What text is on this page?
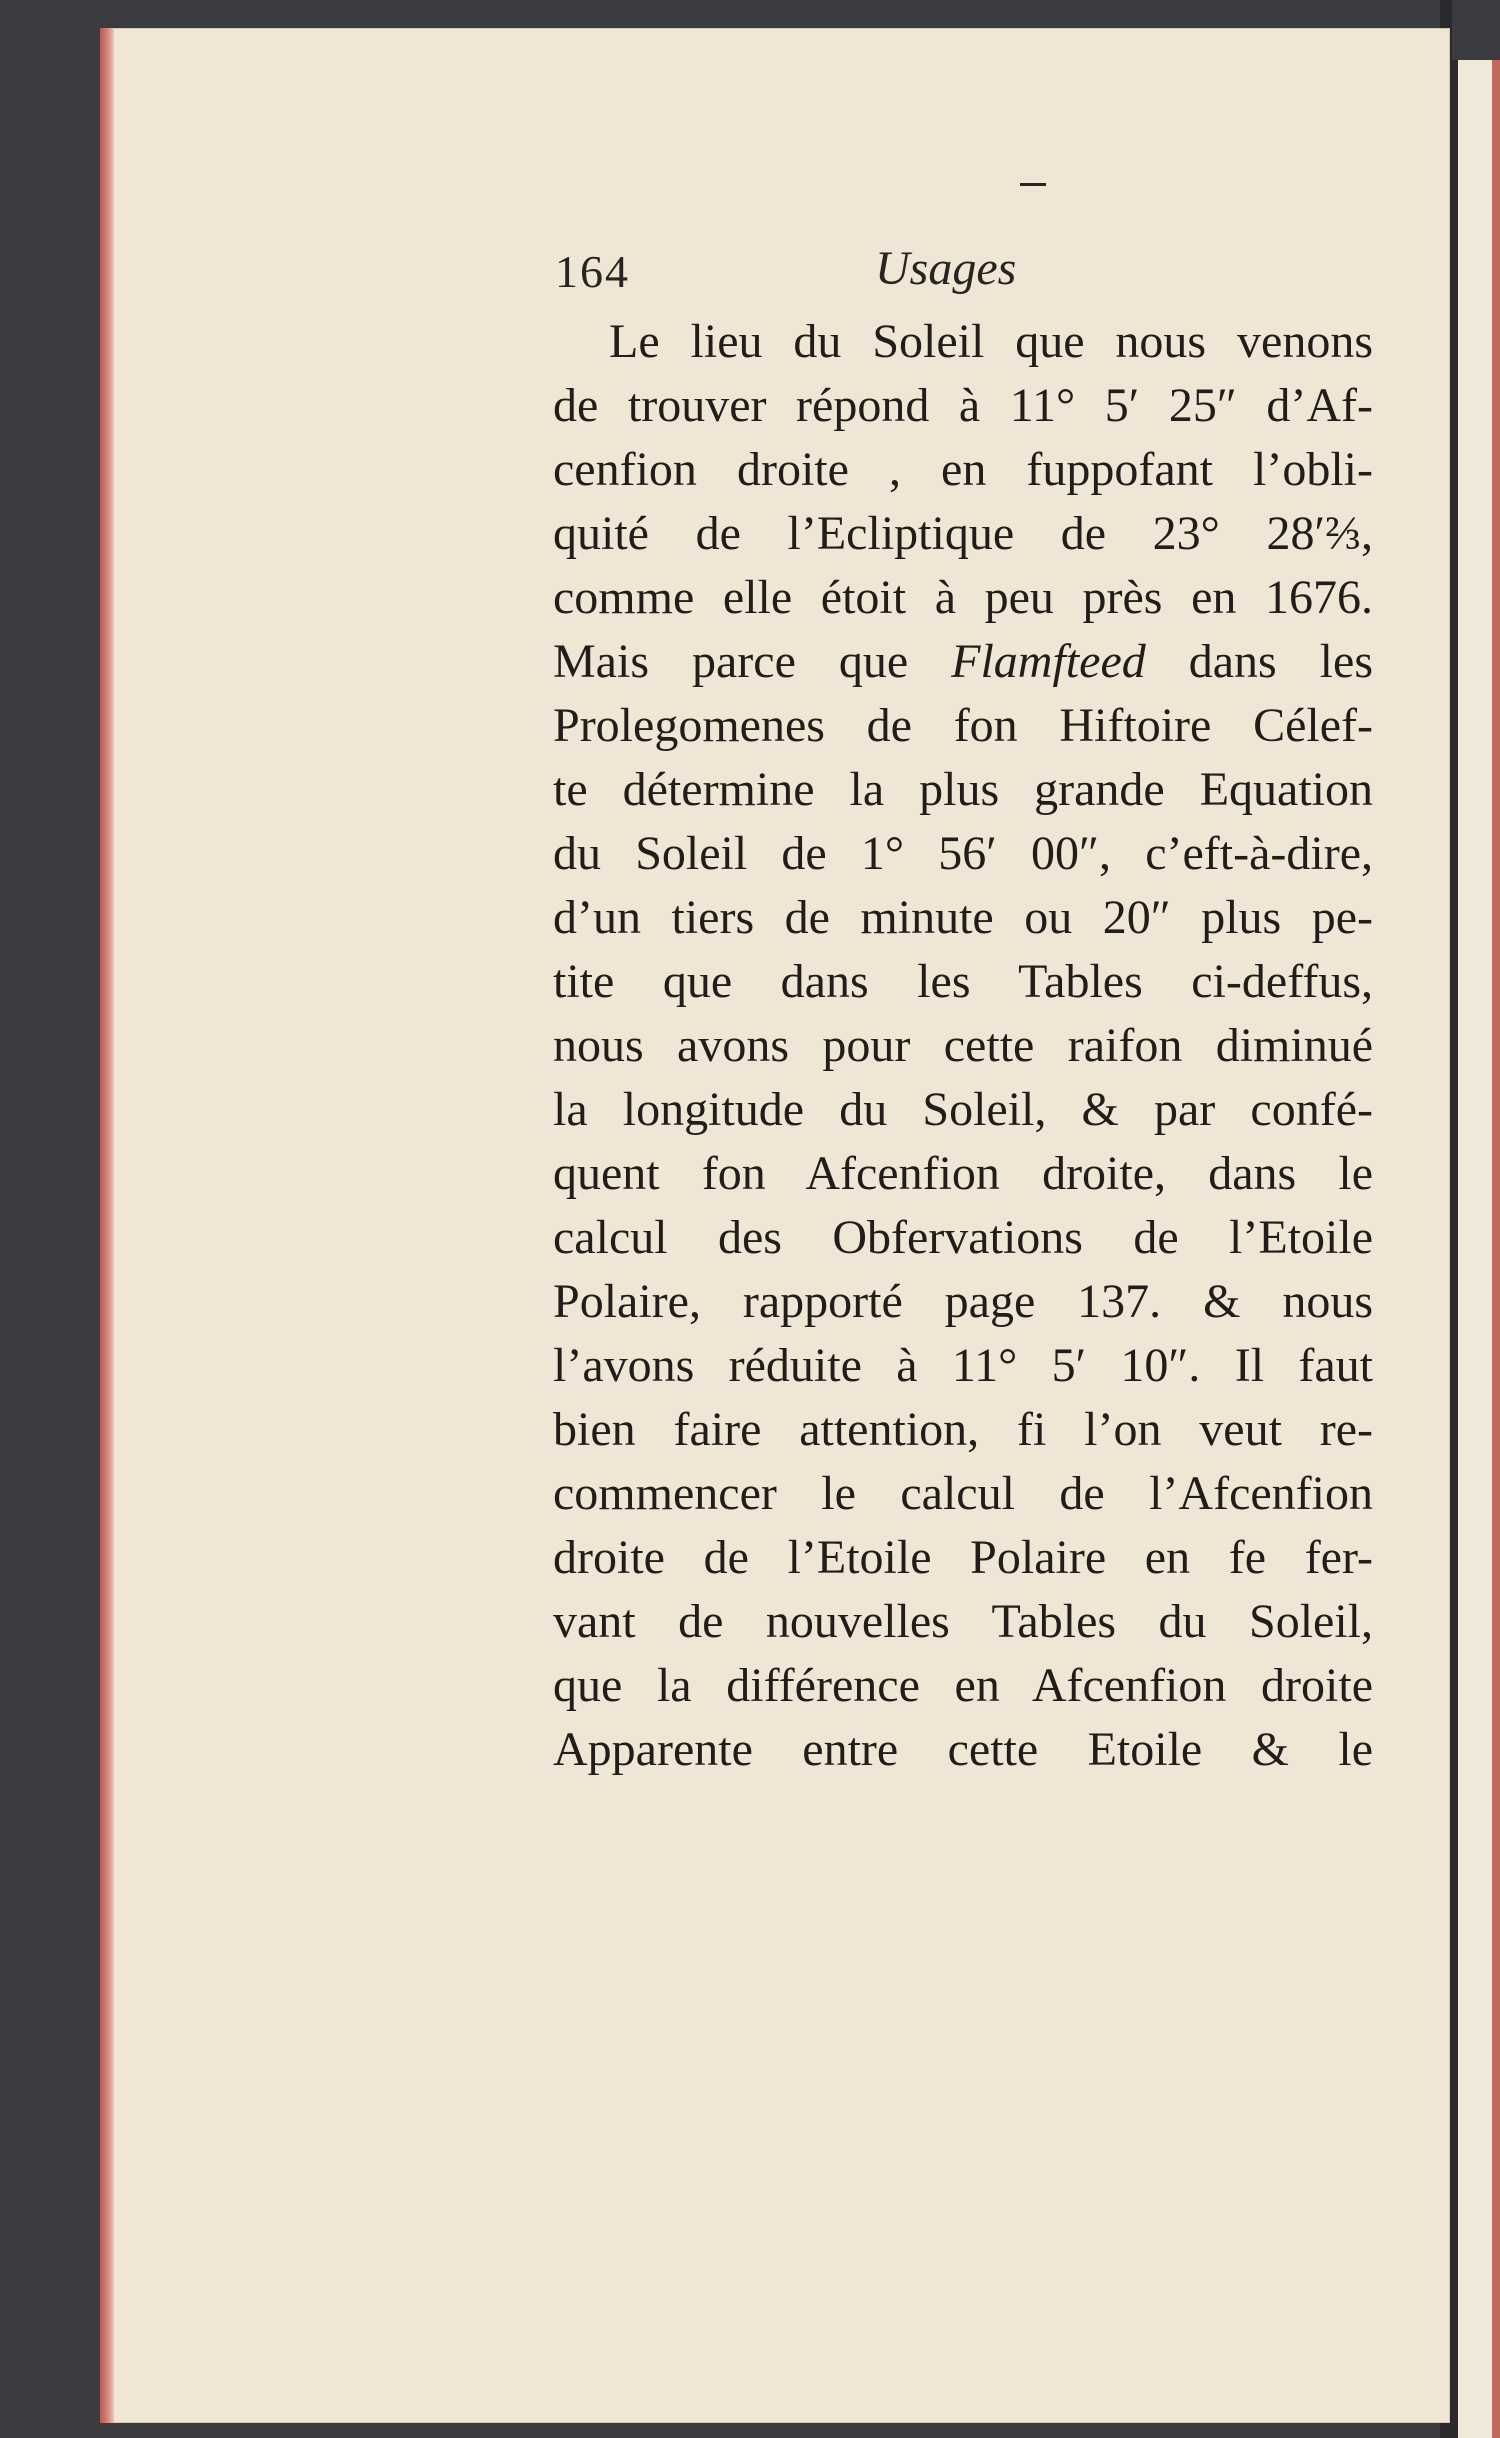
164	Usages
Le lieu du Soleil que nous venons
de trouver répond à 11° 5′ 25″ d’Af-
cenfion droite , en fuppofant l’obli-
quité de l’Ecliptique de 23° 28′⅔,
comme elle étoit à peu près en 1676.
Mais parce que Flamfteed dans les
Prolegomenes de fon Hiftoire Célef-
te détermine la plus grande Equation
du Soleil de 1° 56′ 00″, c’eft-à-dire,
d’un tiers de minute ou 20″ plus pe-
tite que dans les Tables ci-deffus,
nous avons pour cette raifon diminué
la longitude du Soleil, & par confé-
quent fon Afcenfion droite, dans le
calcul des Obfervations de l’Etoile
Polaire, rapporté page 137. & nous
l’avons réduite à 11° 5′ 10″. Il faut
bien faire attention, fi l’on veut re-
commencer le calcul de l’Afcenfion
droite de l’Etoile Polaire en fe fer-
vant de nouvelles Tables du Soleil,
que la différence en Afcenfion droite
Apparente entre cette Etoile & le
